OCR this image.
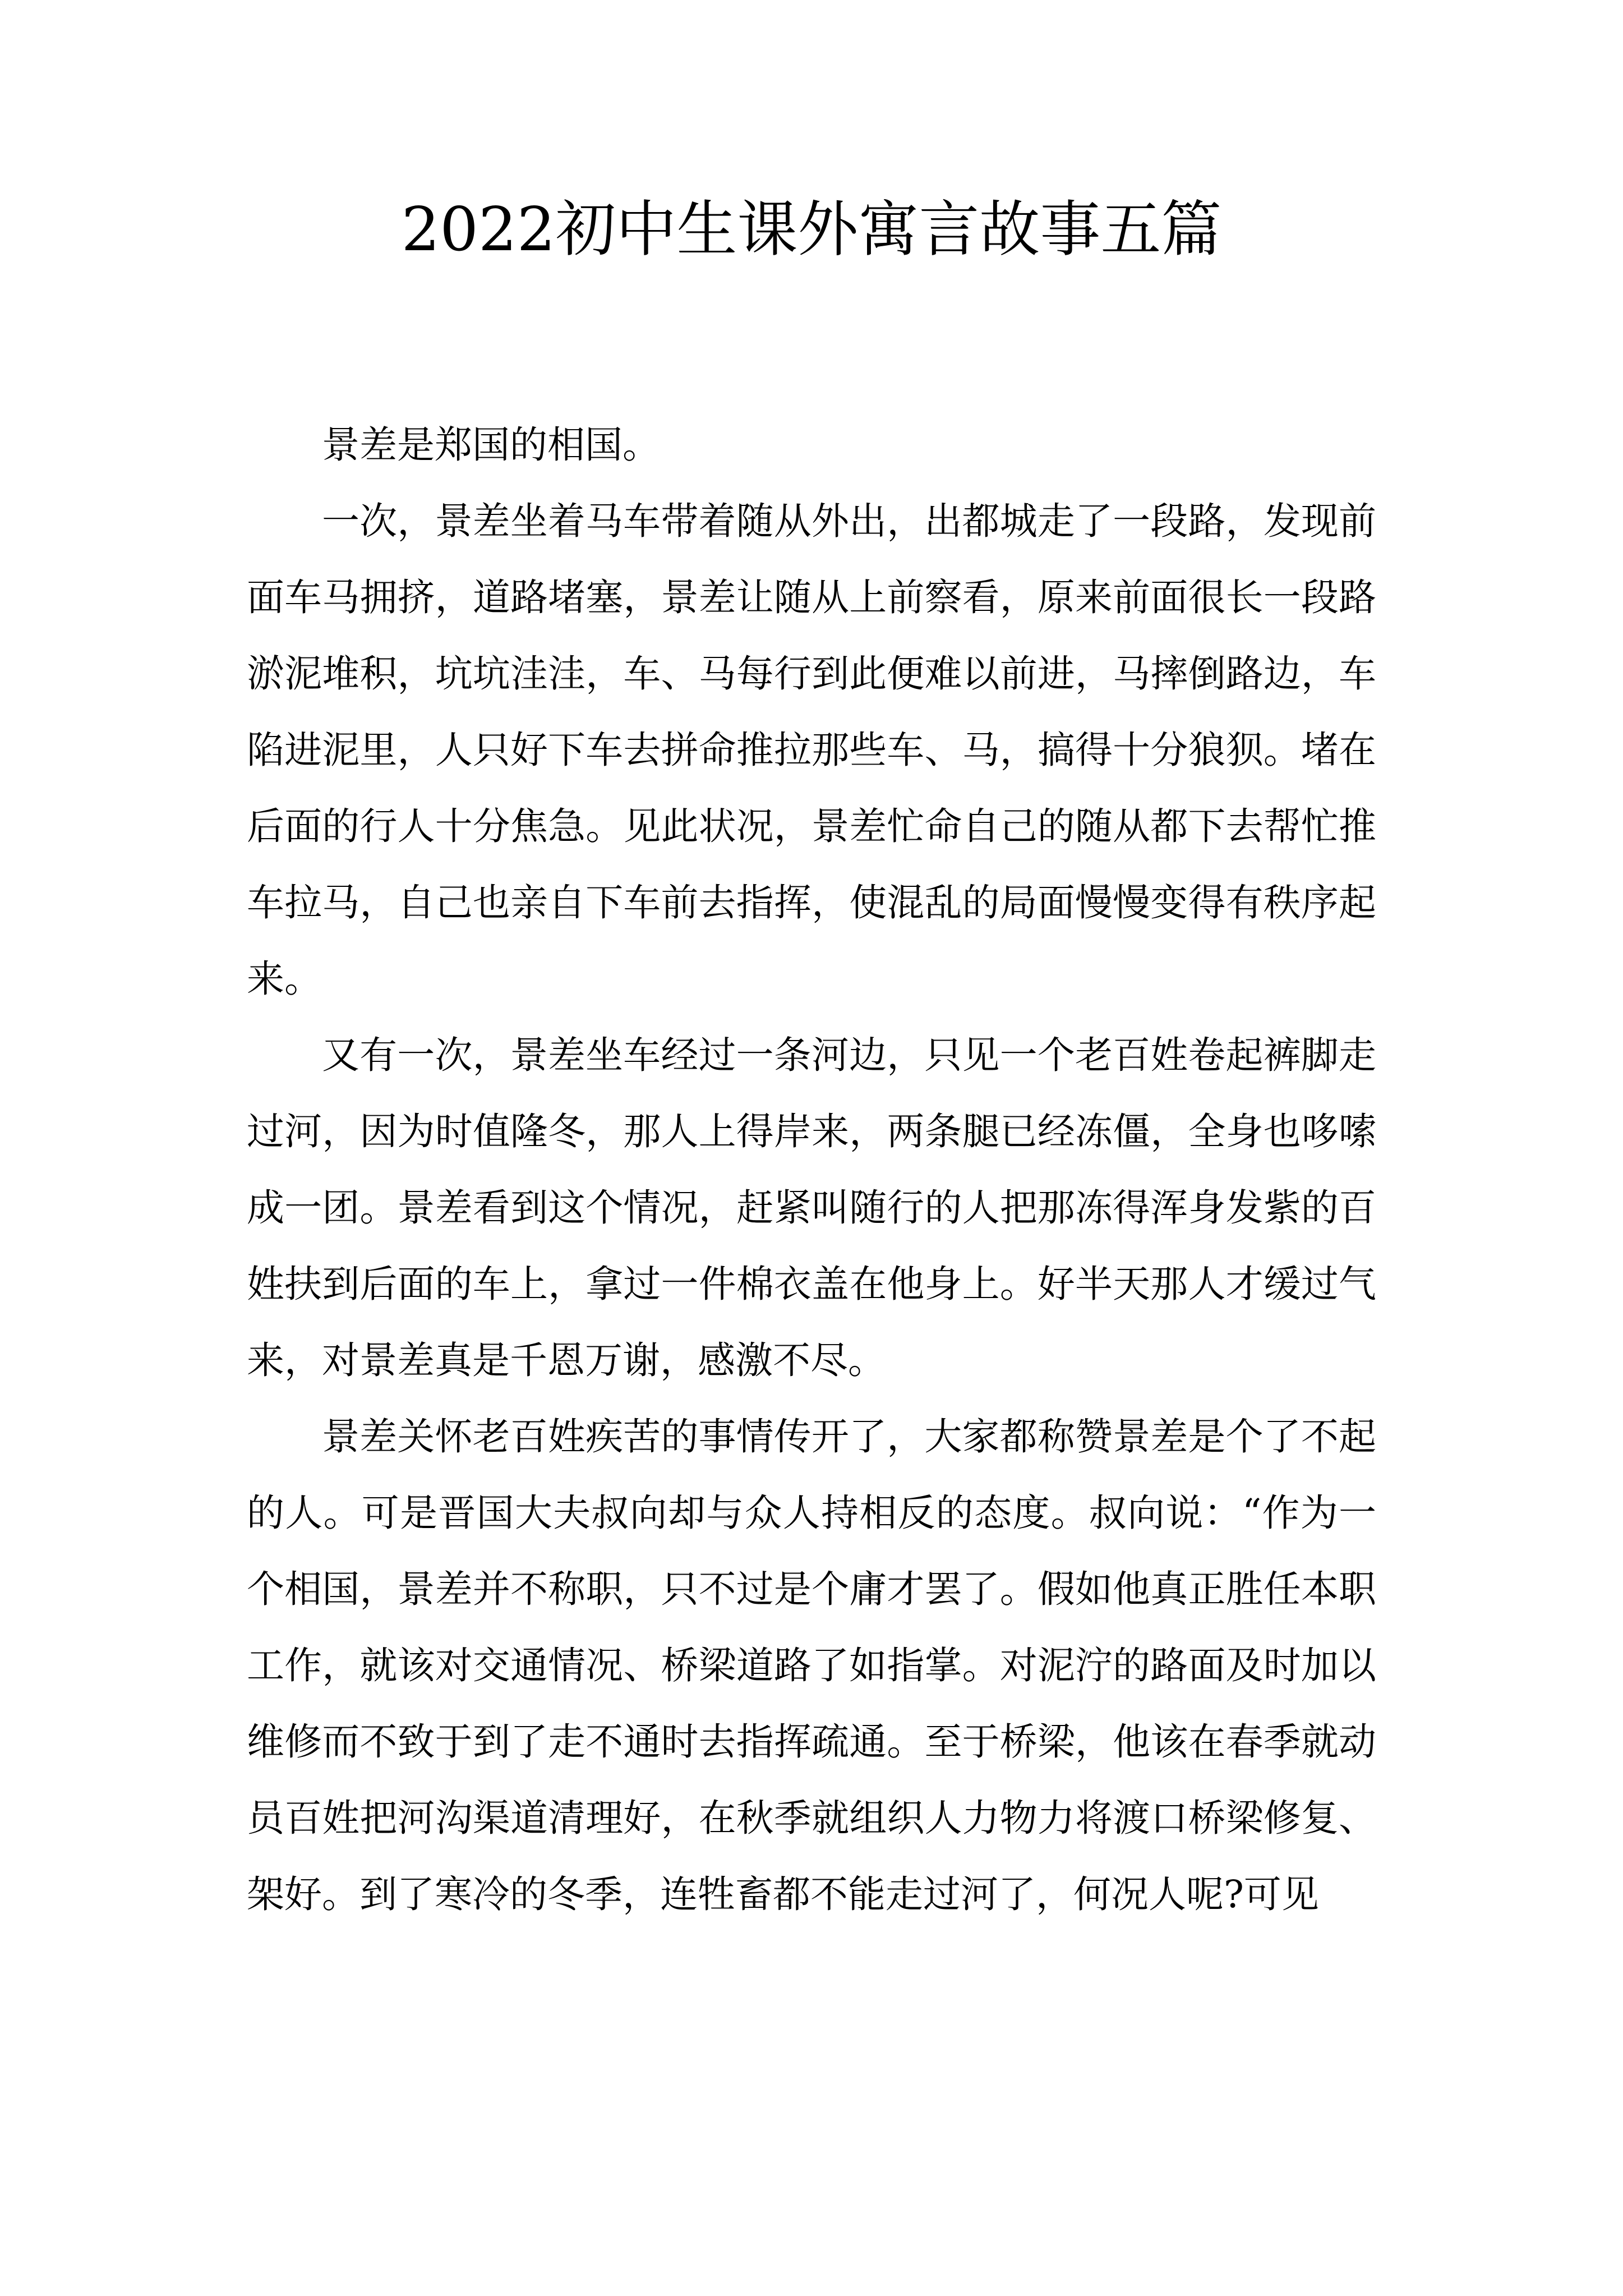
2022初中生课外寓言故事五篇

景差是郑国的相国。

一次，景差坐着马车带着随从外出，出都城走了一段路，发现前面车马拥挤，道路堵塞，景差让随从上前察看，原来前面很长一段路淤泥堆积，坑坑洼洼，车、马每行到此便难以前进，马摔倒路边，车陷进泥里，人只好下车去拼命推拉那些车、马，搞得十分狼狈。堵在后面的行人十分焦急。见此状况，景差忙命自己的随从都下去帮忙推车拉马，自己也亲自下车前去指挥，使混乱的局面慢慢变得有秩序起来。

又有一次，景差坐车经过一条河边，只见一个老百姓卷起裤脚走过河，因为时值隆冬，那人上得岸来，两条腿已经冻僵，全身也哆嗦成一团。景差看到这个情况，赶紧叫随行的人把那冻得浑身发紫的百姓扶到后面的车上，拿过一件棉衣盖在他身上。好半天那人才缓过气来，对景差真是千恩万谢，感激不尽。

景差关怀老百姓疾苦的事情传开了，大家都称赞景差是个了不起的人。可是晋国大夫叔向却与众人持相反的态度。叔向说：“作为一个相国，景差并不称职，只不过是个庸才罢了。假如他真正胜任本职工作，就该对交通情况、桥梁道路了如指掌。对泥泞的路面及时加以维修而不致于到了走不通时去指挥疏通。至于桥梁，他该在春季就动员百姓把河沟渠道清理好，在秋季就组织人力物力将渡口桥梁修复、架好。到了寒冷的冬季，连牲畜都不能走过河了，何况人呢?可见
